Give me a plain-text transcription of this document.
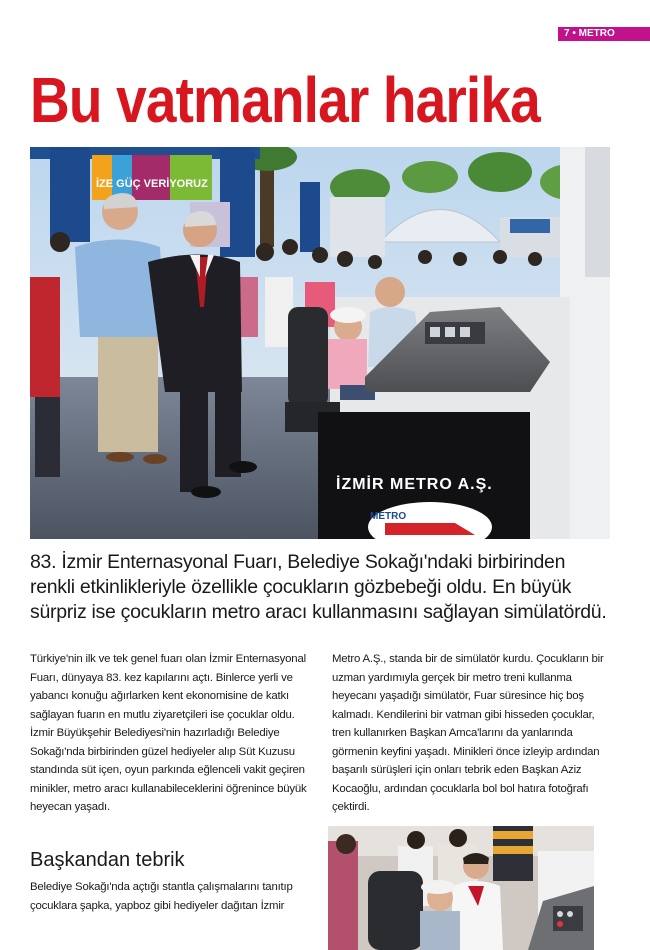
7 • METRO
Bu vatmanlar harika
İZE GÜÇ VERİYORUZ
İZMİR METRO A.Ş.
METRO
83. İzmir Enternasyonal Fuarı, Belediye Sokağı'ndaki birbirinden renkli etkinlikleriyle özellikle çocukların gözbebeği oldu. En büyük sürpriz ise çocukların metro aracı kullanmasını sağlayan simülatördü.

Türkiye'nin ilk ve tek genel fuarı olan İzmir Enternasyonal Fuarı, dünyaya 83. kez kapılarını açtı. Binlerce yerli ve yabancı konuğu ağırlarken kent ekonomisine de katkı sağlayan fuarın en mutlu ziyaretçileri ise çocuklar oldu. İzmir Büyükşehir Belediyesi'nin hazırladığı Belediye Sokağı'nda birbirinden güzel hediyeler alıp Süt Kuzusu standında süt içen, oyun parkında eğlenceli vakit geçiren minikler, metro aracı kullanabileceklerini öğrenince büyük heyecan yaşadı.

Başkandan tebrik

Belediye Sokağı'nda açtığı stantla çalışmalarını tanıtıp çocuklara şapka, yapboz gibi hediyeler dağıtan İzmir

Metro A.Ş., standa bir de simülatör kurdu. Çocukların bir uzman yardımıyla gerçek bir metro treni kullanma heyecanı yaşadığı simülatör, Fuar süresince hiç boş kalmadı. Kendilerini bir vatman gibi hisseden çocuklar, tren kullanırken Başkan Amca'larını da yanlarında görmenin keyfini yaşadı. Minikleri önce izleyip ardından başarılı sürüşleri için onları tebrik eden Başkan Aziz Kocaoğlu, ardından çocuklarla bol bol hatıra fotoğrafı çektirdi.
